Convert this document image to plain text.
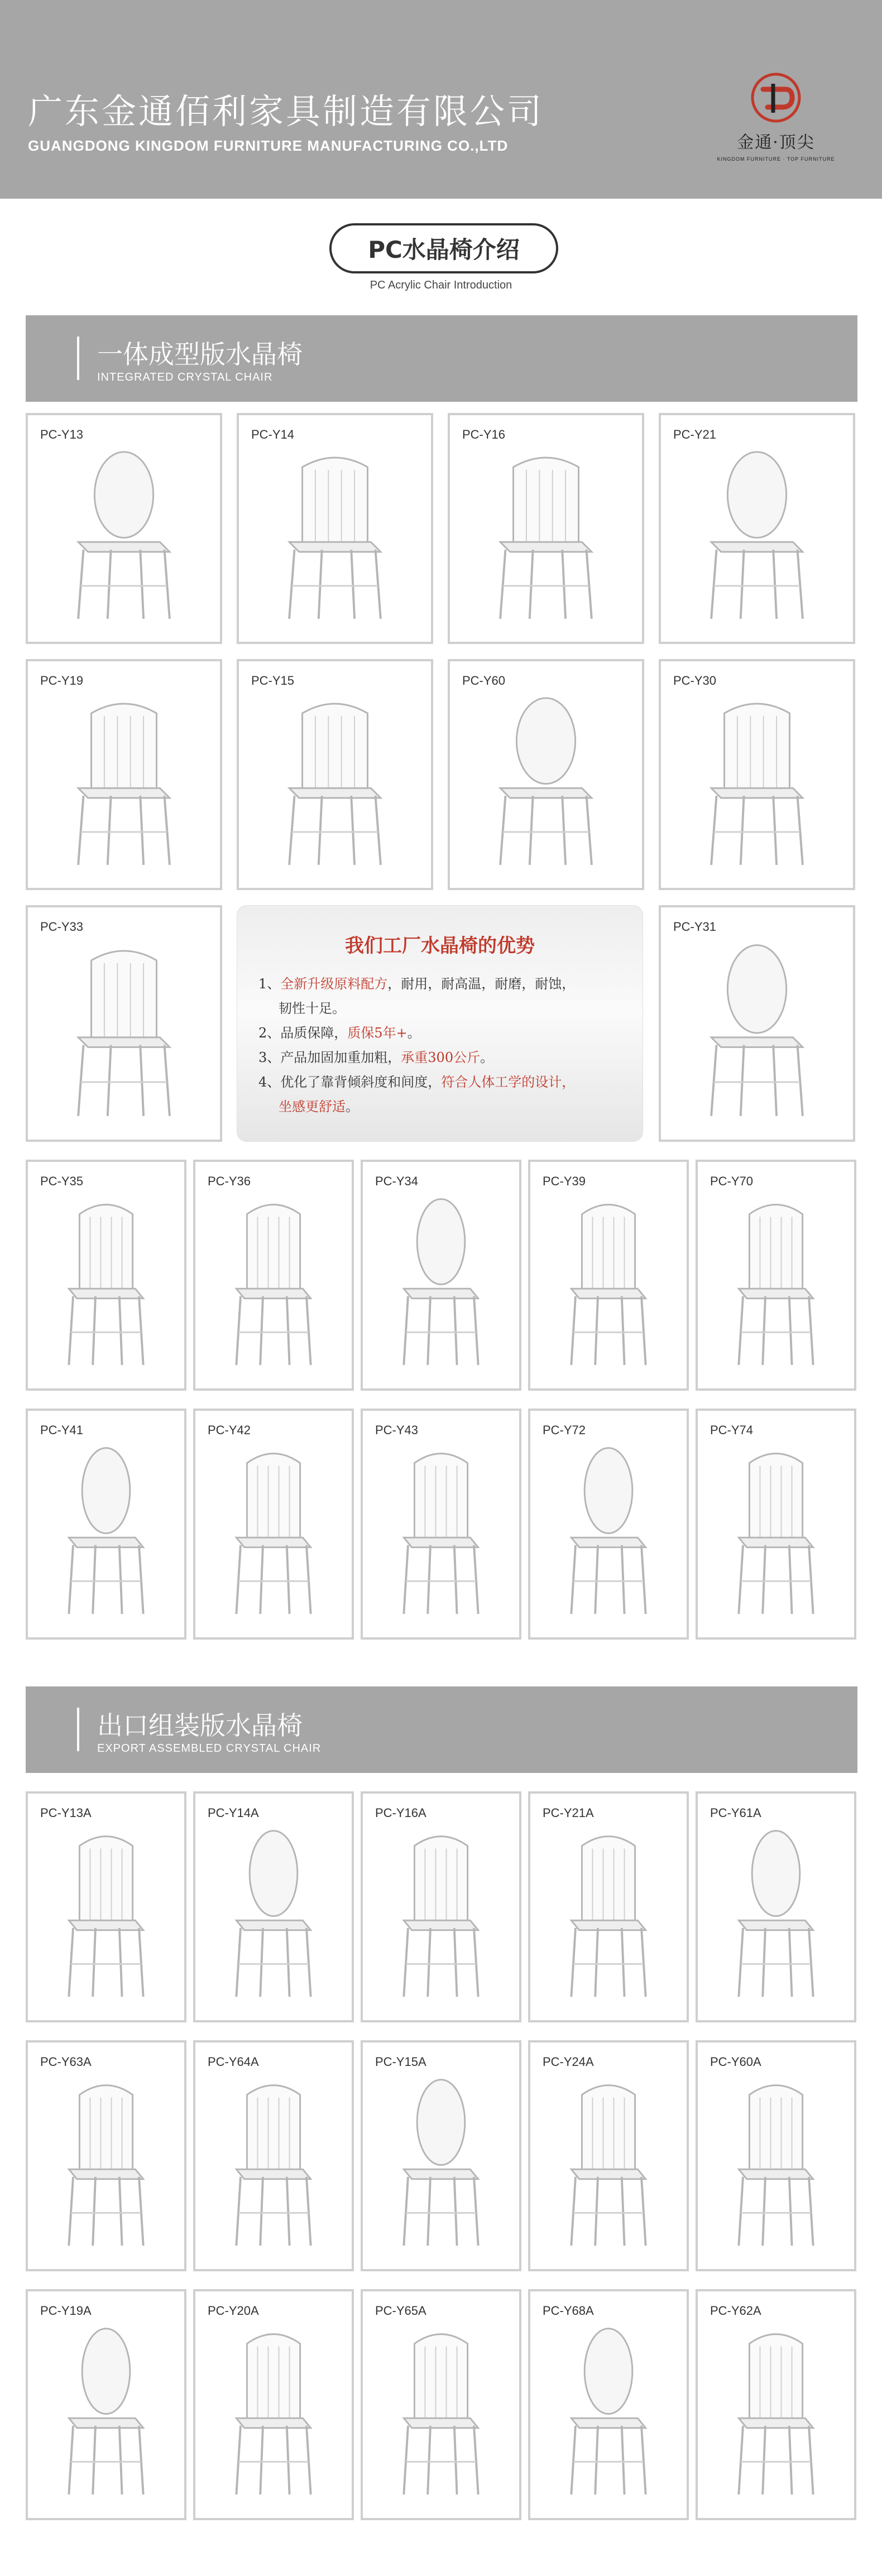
广东金通佰利家具制造有限公司
GUANGDONG KINGDOM FURNITURE MANUFACTURING CO.,LTD	金通·顶尖
KINGDOM FURNITURE · TOP FURNITURE
PC水晶椅介绍
PC Acrylic Chair Introduction
一体成型版水晶椅
INTEGRATED CRYSTAL CHAIR
PC-Y13	PC-Y14	PC-Y16	PC-Y21
PC-Y19	PC-Y15	PC-Y60	PC-Y30
PC-Y33	PC-Y31
PC-Y35	PC-Y36	PC-Y34	PC-Y39	PC-Y70
PC-Y41	PC-Y42	PC-Y43	PC-Y72	PC-Y74
我们工厂水晶椅的优势
1、全新升级原料配方，耐用，耐高温，耐磨，耐蚀，
韧性十足。
2、品质保障，质保5年+。
3、产品加固加重加粗，承重300公斤。
4、优化了靠背倾斜度和间度，符合人体工学的设计，
坐感更舒适。
出口组装版水晶椅
EXPORT ASSEMBLED CRYSTAL CHAIR
PC-Y13A	PC-Y14A	PC-Y16A	PC-Y21A	PC-Y61A
PC-Y63A	PC-Y64A	PC-Y15A	PC-Y24A	PC-Y60A
PC-Y19A	PC-Y20A	PC-Y65A	PC-Y68A	PC-Y62A
